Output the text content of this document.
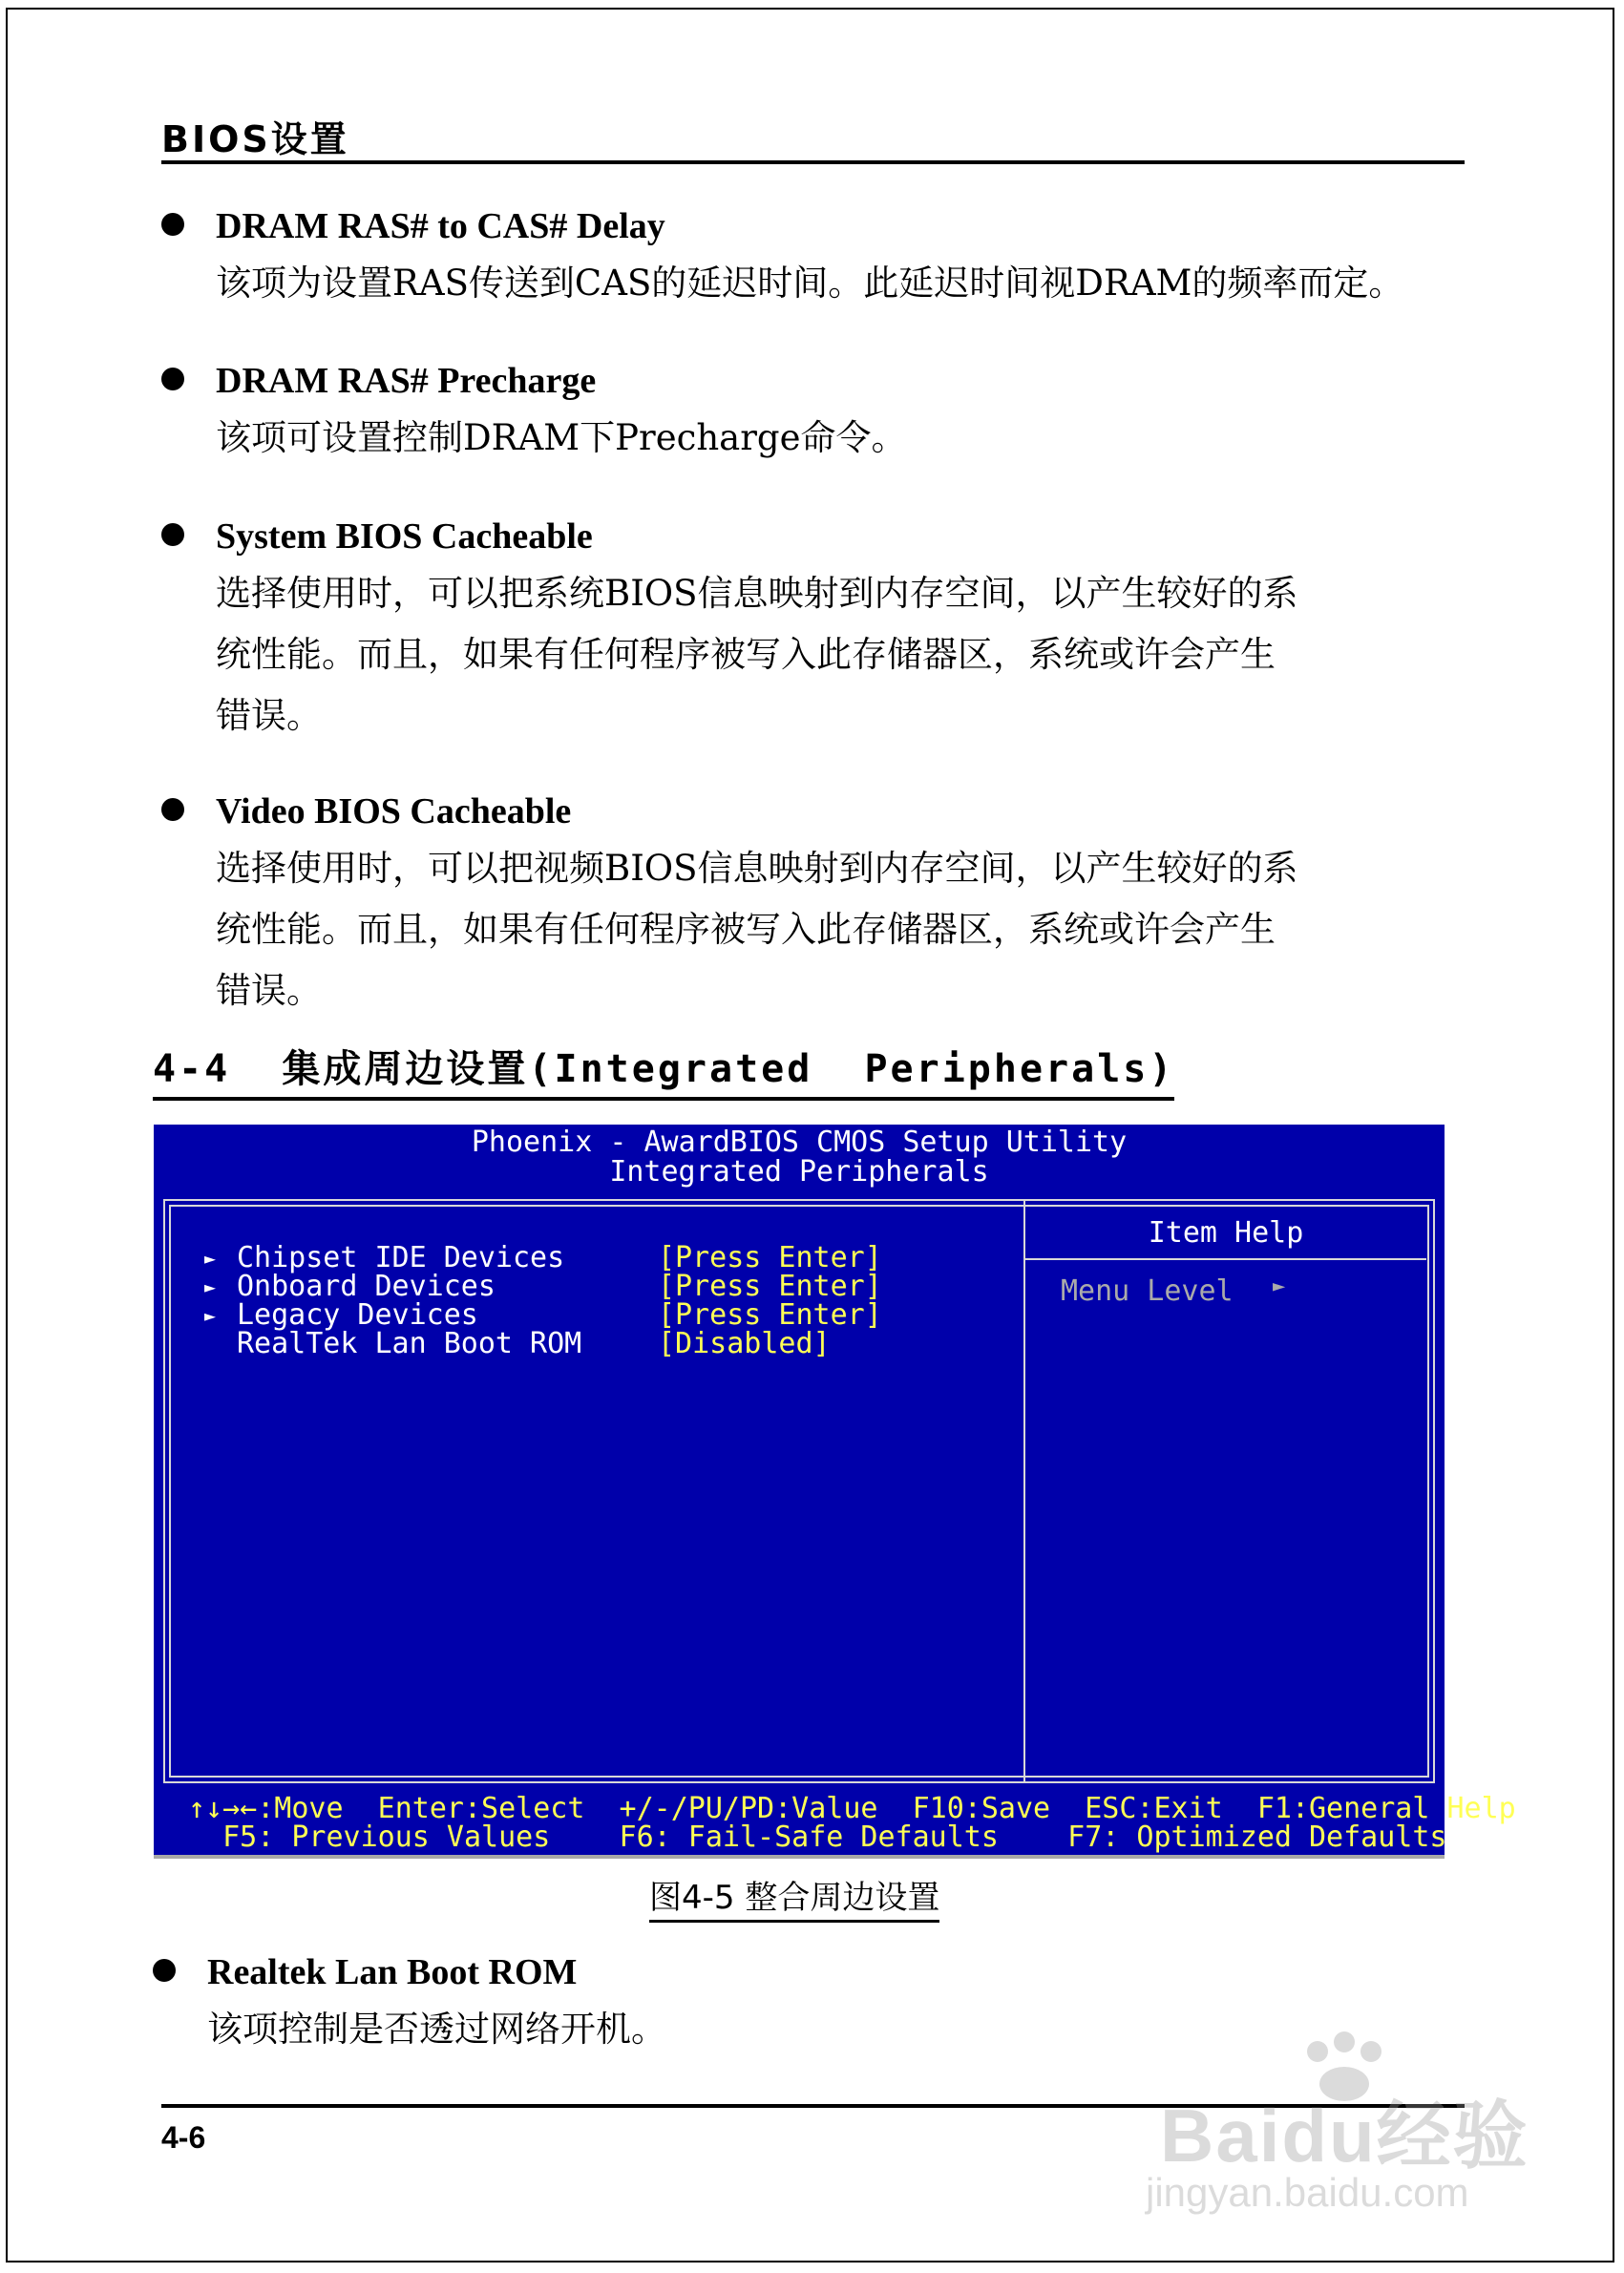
BIOS设置
DRAM RAS# to CAS# Delay
该项为设置RAS传送到CAS的延迟时间。此延迟时间视DRAM的频率而定。
DRAM RAS# Precharge
该项可设置控制DRAM下Precharge命令。
System BIOS Cacheable
选择使用时，可以把系统BIOS信息映射到内存空间，以产生较好的系
统性能。而且，如果有任何程序被写入此存储器区，系统或许会产生
错误。
Video BIOS Cacheable
选择使用时，可以把视频BIOS信息映射到内存空间，以产生较好的系
统性能。而且，如果有任何程序被写入此存储器区，系统或许会产生
错误。
4-4  集成周边设置(Integrated  Peripherals)
Phoenix - AwardBIOS CMOS Setup Utility
Integrated Peripherals
Item Help
Menu Level ►
► Chipset IDE Devices	[Press Enter]
► Onboard Devices	[Press Enter]
► Legacy Devices	[Press Enter]
RealTek Lan Boot ROM	[Disabled]
↑↓→←:Move  Enter:Select  +/-/PU/PD:Value  F10:Save  ESC:Exit  F1:General Help
F5: Previous Values    F6: Fail-Safe Defaults    F7: Optimized Defaults
图4-5 整合周边设置
Realtek Lan Boot ROM
该项控制是否透过网络开机。
4-6	Baidu经验
jingyan.baidu.com
